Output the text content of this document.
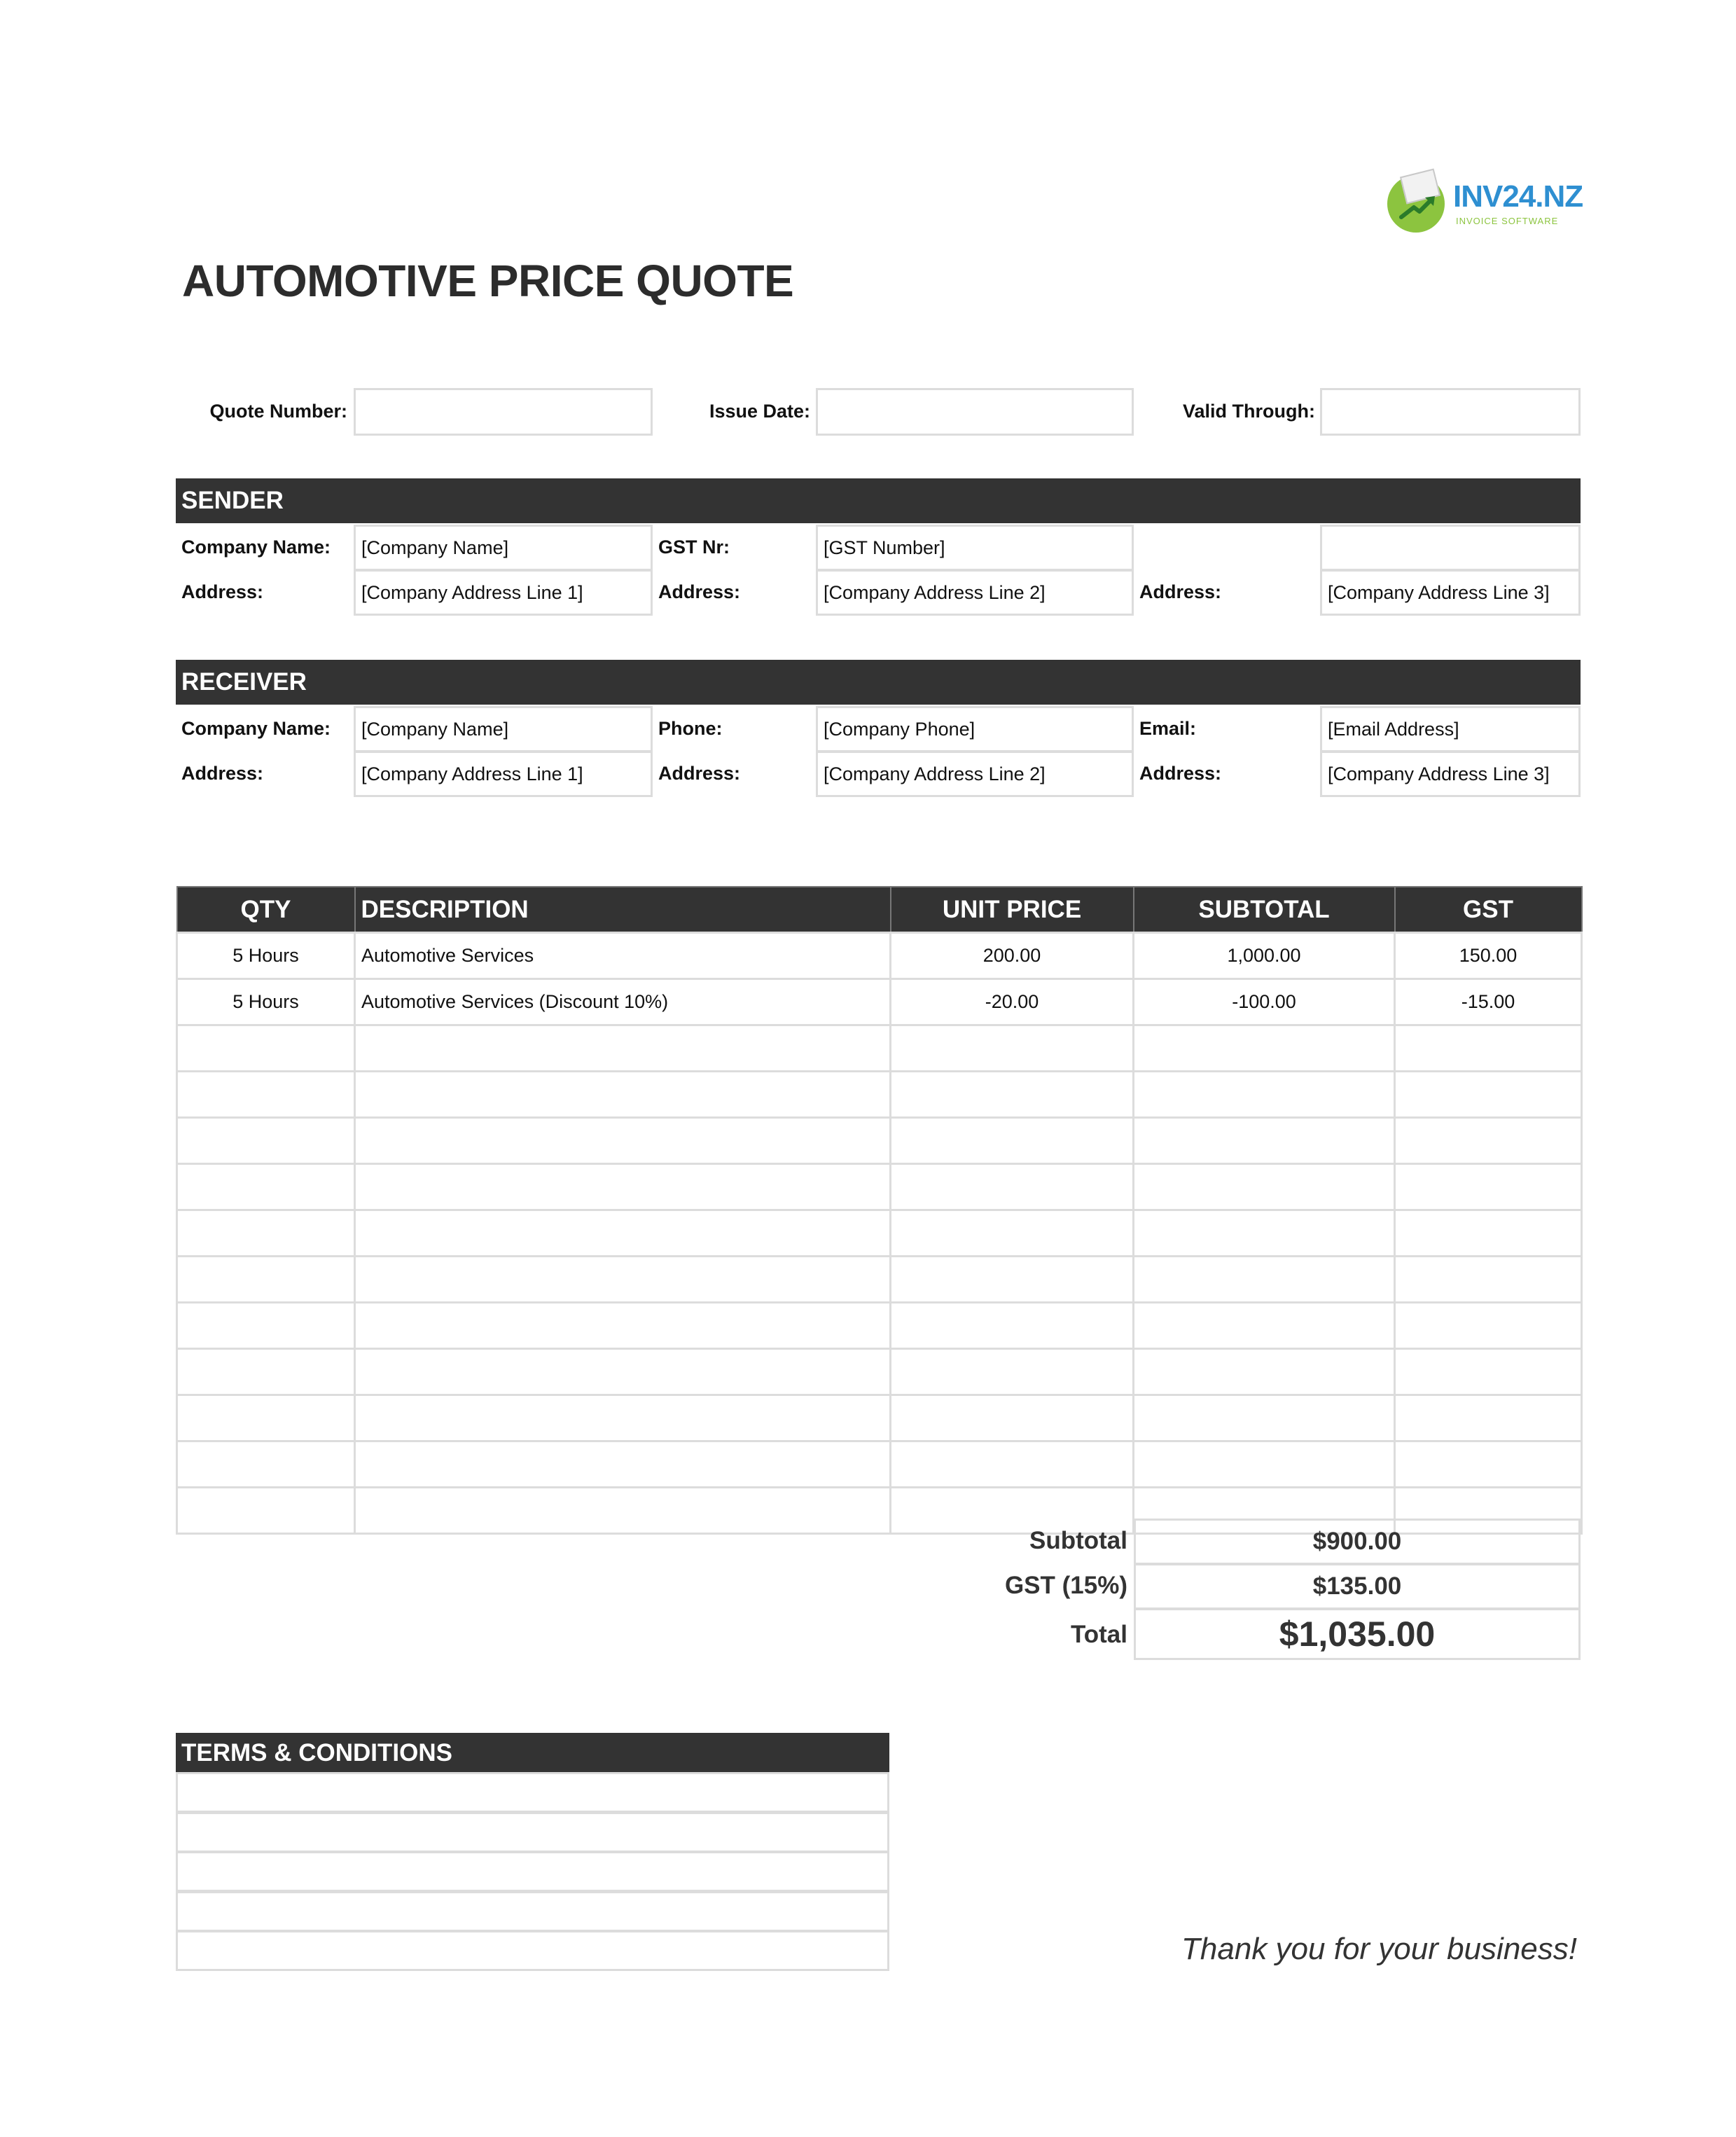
INV24.NZ
INVOICE SOFTWARE
AUTOMOTIVE PRICE QUOTE
Quote Number:	Issue Date:	Valid Through:
SENDER
Company Name:	[Company Name]	GST Nr:	[GST Number]
Address:	[Company Address Line 1]	Address:	[Company Address Line 2]	Address:	[Company Address Line 3]
RECEIVER
Company Name:	[Company Name]	Phone:	[Company Phone]	Email:	[Email Address]
Address:	[Company Address Line 1]	Address:	[Company Address Line 2]	Address:	[Company Address Line 3]
QTY	DESCRIPTION	UNIT PRICE	SUBTOTAL	GST
5 Hours	Automotive Services	200.00	1,000.00	150.00
5 Hours	Automotive Services (Discount 10%)	-20.00	-100.00	-15.00

Subtotal	$900.00
GST (15%)	$135.00
Total	$1,035.00
TERMS & CONDITIONS
Thank you for your business!
